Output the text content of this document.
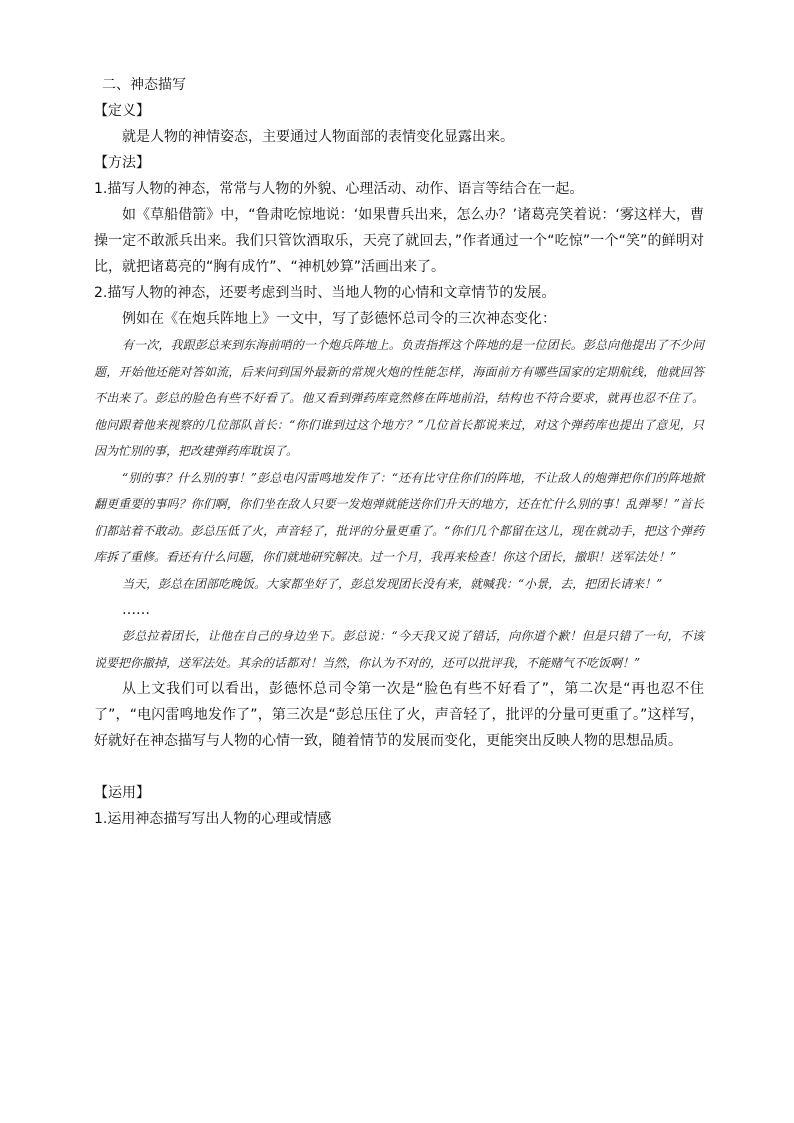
二、神态描写

【定义】

就是人物的神情姿态，主要通过人物面部的表情变化显露出来。

【方法】

1.描写人物的神态，常常与人物的外貌、心理活动、动作、语言等结合在一起。

如《草船借箭》中，“鲁肃吃惊地说：‘如果曹兵出来，怎么办？’诸葛亮笑着说：‘雾这样大，曹操一定不敢派兵出来。我们只管饮酒取乐，天亮了就回去，”作者通过一个“吃惊”一个“笑”的鲜明对比，就把诸葛亮的“胸有成竹”、“神机妙算”活画出来了。

2.描写人物的神态，还要考虑到当时、当地人物的心情和文章情节的发展。

例如在《在炮兵阵地上》一文中，写了彭德怀总司令的三次神态变化：

有一次，我跟彭总来到东海前哨的一个炮兵阵地上。负责指挥这个阵地的是一位团长。彭总向他提出了不少问题，开始他还能对答如流，后来问到国外最新的常规火炮的性能怎样，海面前方有哪些国家的定期航线，他就回答不出来了。彭总的脸色有些不好看了。他又看到弹药库竟然修在阵地前沿，结构也不符合要求，就再也忍不住了。他问跟着他来视察的几位部队首长：“你们谁到过这个地方？”几位首长都说来过，对这个弹药库也提出了意见，只因为忙别的事，把改建弹药库耽误了。

“别的事？什么别的事！”彭总电闪雷鸣地发作了：“还有比守住你们的阵地，不让敌人的炮弹把你们的阵地掀翻更重要的事吗？你们啊，你们坐在敌人只要一发炮弹就能送你们升天的地方，还在忙什么别的事！乱弹琴！”首长们都站着不敢动。彭总压低了火，声音轻了，批评的分量更重了。“你们几个都留在这儿，现在就动手，把这个弹药库拆了重修。看还有什么问题，你们就地研究解决。过一个月，我再来检查！你这个团长，撤职！送军法处！”

当天，彭总在团部吃晚饭。大家都坐好了，彭总发现团长没有来，就喊我：“小景，去，把团长请来！”

……

彭总拉着团长，让他在自己的身边坐下。彭总说：“今天我又说了错话，向你道个歉！但是只错了一句，不该说要把你撤掉，送军法处。其余的话都对！当然，你认为不对的，还可以批评我，不能赌气不吃饭啊！”

从上文我们可以看出，彭德怀总司令第一次是“脸色有些不好看了”，第二次是“再也忍不住了”，“电闪雷鸣地发作了”，第三次是“彭总压住了火，声音轻了，批评的分量可更重了。”这样写，好就好在神态描写与人物的心情一致，随着情节的发展而变化，更能突出反映人物的思想品质。

【运用】

1.运用神态描写写出人物的心理或情感
